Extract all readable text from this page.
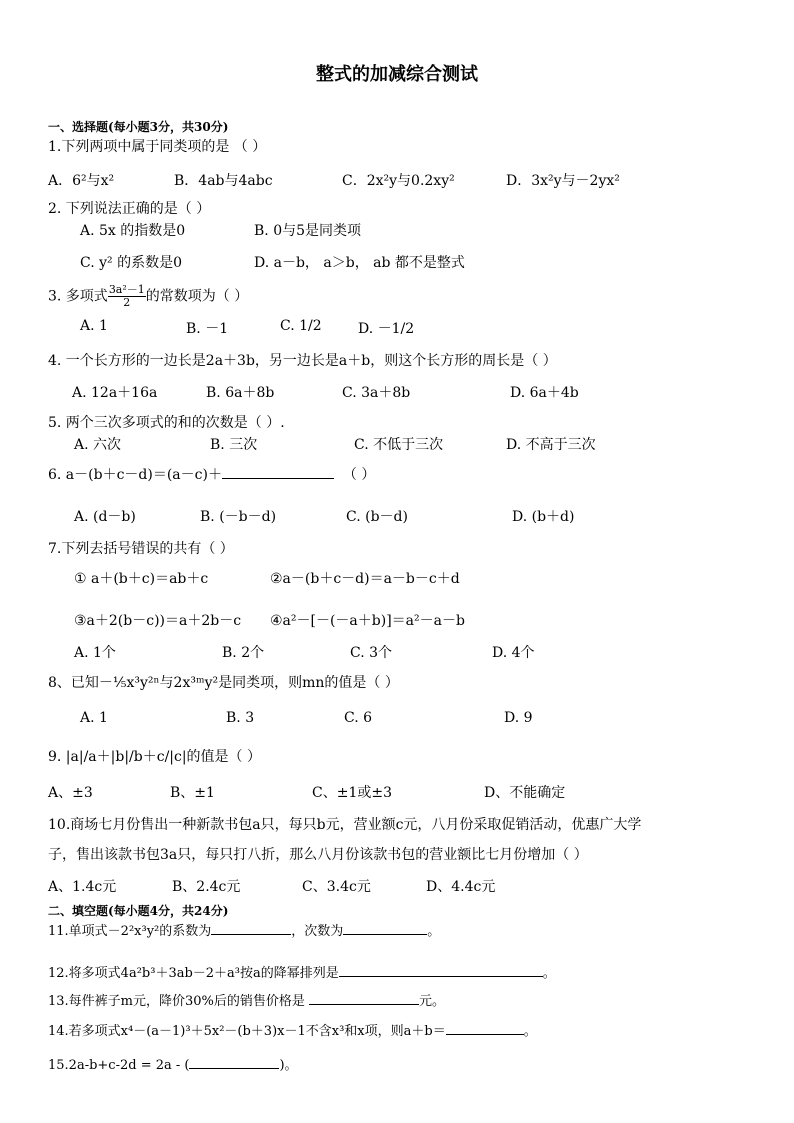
整式的加减综合测试
一、选择题(每小题3分，共30分)
1.下列两项中属于同类项的是 （ ）
A．6²与x²	B．4ab与4abc	C．2x²y与0.2xy²	D．3x²y与－2yx²
2. 下列说法正确的是（ ）
A. 5x 的指数是0	B. 0与5是同类项
C. y² 的系数是0	D. a－b， a＞b， ab 都不是整式
3. 多项式 $\frac{\text{3a²－1}}{2}$ 的常数项为（ ）
A. 1	B. －1	C. 1/2	D. －1/2
4. 一个长方形的一边长是2a＋3b，另一边长是a＋b，则这个长方形的周长是（ ）
A. 12a＋16a	B. 6a＋8b	C. 3a＋8b	D. 6a＋4b
5. 两个三次多项式的和的次数是（ ）.
A. 六次	B. 三次	C. 不低于三次	D. 不高于三次
6. a－(b＋c－d)＝(a－c)＋	（ ）
A. (d－b)	B. (－b－d)	C. (b－d)	D. (b＋d)
7.下列去括号错误的共有（ ）
① a＋(b＋c)＝ab＋c	②a－(b＋c－d)＝a－b－c＋d
③a＋2(b－c))＝a＋2b－c ④a²－[－(－a＋b)]＝a²－a－b
A. 1个	B. 2个	C. 3个	D. 4个
8、已知－⅕x³y²ⁿ与2x³ᵐy²是同类项，则mn的值是（ ）
A. 1	B. 3	C. 6	D. 9
9. |a|/a＋|b|/b＋c/|c|的值是（ ）
A、±3	B、±1	C、±1或±3	D、不能确定
10.商场七月份售出一种新款书包a只，每只b元，营业额c元，八月份采取促销活动，优惠广大学
子，售出该款书包3a只，每只打八折，那么八月份该款书包的营业额比七月份增加（ ）
A、1.4c元	B、2.4c元	C、3.4c元	D、4.4c元
二、填空题(每小题4分，共24分)
11.单项式－2²x³y²的系数为	，次数为	。
12.将多项式4a²b³＋3ab－2＋a³按a的降幂排列是	。
13.每件裤子m元，降价30%后的销售价格是	元。
14.若多项式x⁴－(a－1)³＋5x²－(b＋3)x－1不含x³和x项，则a＋b＝	。
15.2a-b+c-2d = 2a - (	)。
